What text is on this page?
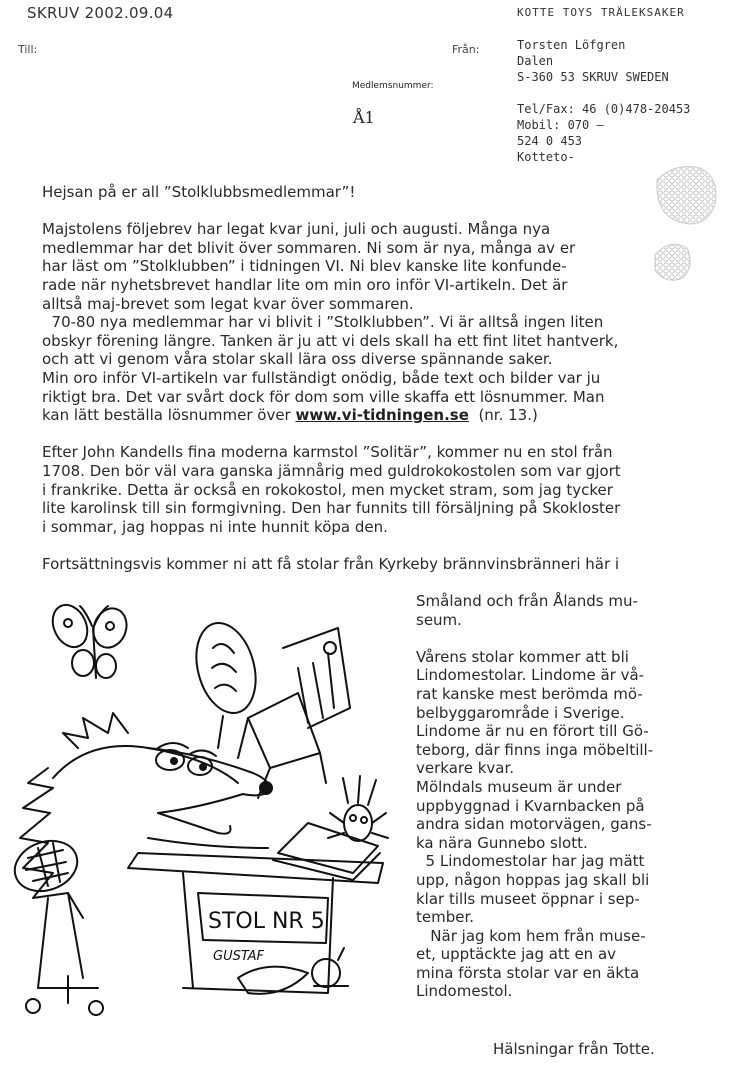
SKRUV 2002.09.04
Till:	Från:
Medlemsnummer:
Å1
KOTTE TOYS TRÄLEKSAKER
Torsten Löfgren
Dalen
S-360 53 SKRUV SWEDEN
Tel/Fax: 46 (0)478-20453
Mobil: 070 –
524 0 453
Kotteto-

Hejsan på er all ”Stolklubbsmedlemmar”!

Majstolens följebrev har legat kvar juni, juli och augusti. Många nya

medlemmar har det blivit över sommaren. Ni som är nya, många av er

har läst om ”Stolklubben” i tidningen VI. Ni blev kanske lite konfunde-

rade när nyhetsbrevet handlar lite om min oro inför VI-artikeln. Det är

alltså maj-brevet som legat kvar över sommaren.

70-80 nya medlemmar har vi blivit i ”Stolklubben”. Vi är alltså ingen liten

obskyr förening längre. Tanken är ju att vi dels skall ha ett fint litet hantverk,

och att vi genom våra stolar skall lära oss diverse spännande saker.

Min oro inför VI-artikeln var fullständigt onödig, både text och bilder var ju

riktigt bra. Det var svårt dock för dom som ville skaffa ett lösnummer. Man

kan lätt beställa lösnummer över www.vi-tidningen.se  (nr. 13.)

Efter John Kandells fina moderna karmstol ”Solitär”, kommer nu en stol från

1708. Den bör väl vara ganska jämnårig med guldrokokostolen som var gjort

i frankrike. Detta är också en rokokostol, men mycket stram, som jag tycker

lite karolinsk till sin formgivning. Den har funnits till försäljning på Skokloster

i sommar, jag hoppas ni inte hunnit köpa den.

Fortsättningsvis kommer ni att få stolar från Kyrkeby brännvinsbränneri här i

Småland och från Ålands mu-

seum.

Vårens stolar kommer att bli

Lindomestolar. Lindome är vå-

rat kanske mest berömda mö-

belbyggarområde i Sverige.

Lindome är nu en förort till Gö-

teborg, där finns inga möbeltill-

verkare kvar.

Mölndals museum är under

uppbyggnad i Kvarnbacken på

andra sidan motorvägen, gans-

ka nära Gunnebo slott.

5 Lindomestolar har jag mätt

upp, någon hoppas jag skall bli

klar tills museet öppnar i sep-

tember.

När jag kom hem från muse-

et, upptäckte jag att en av

mina första stolar var en äkta

Lindomestol.

Hälsningar från Totte.
STOL NR 5
GUSTAF
